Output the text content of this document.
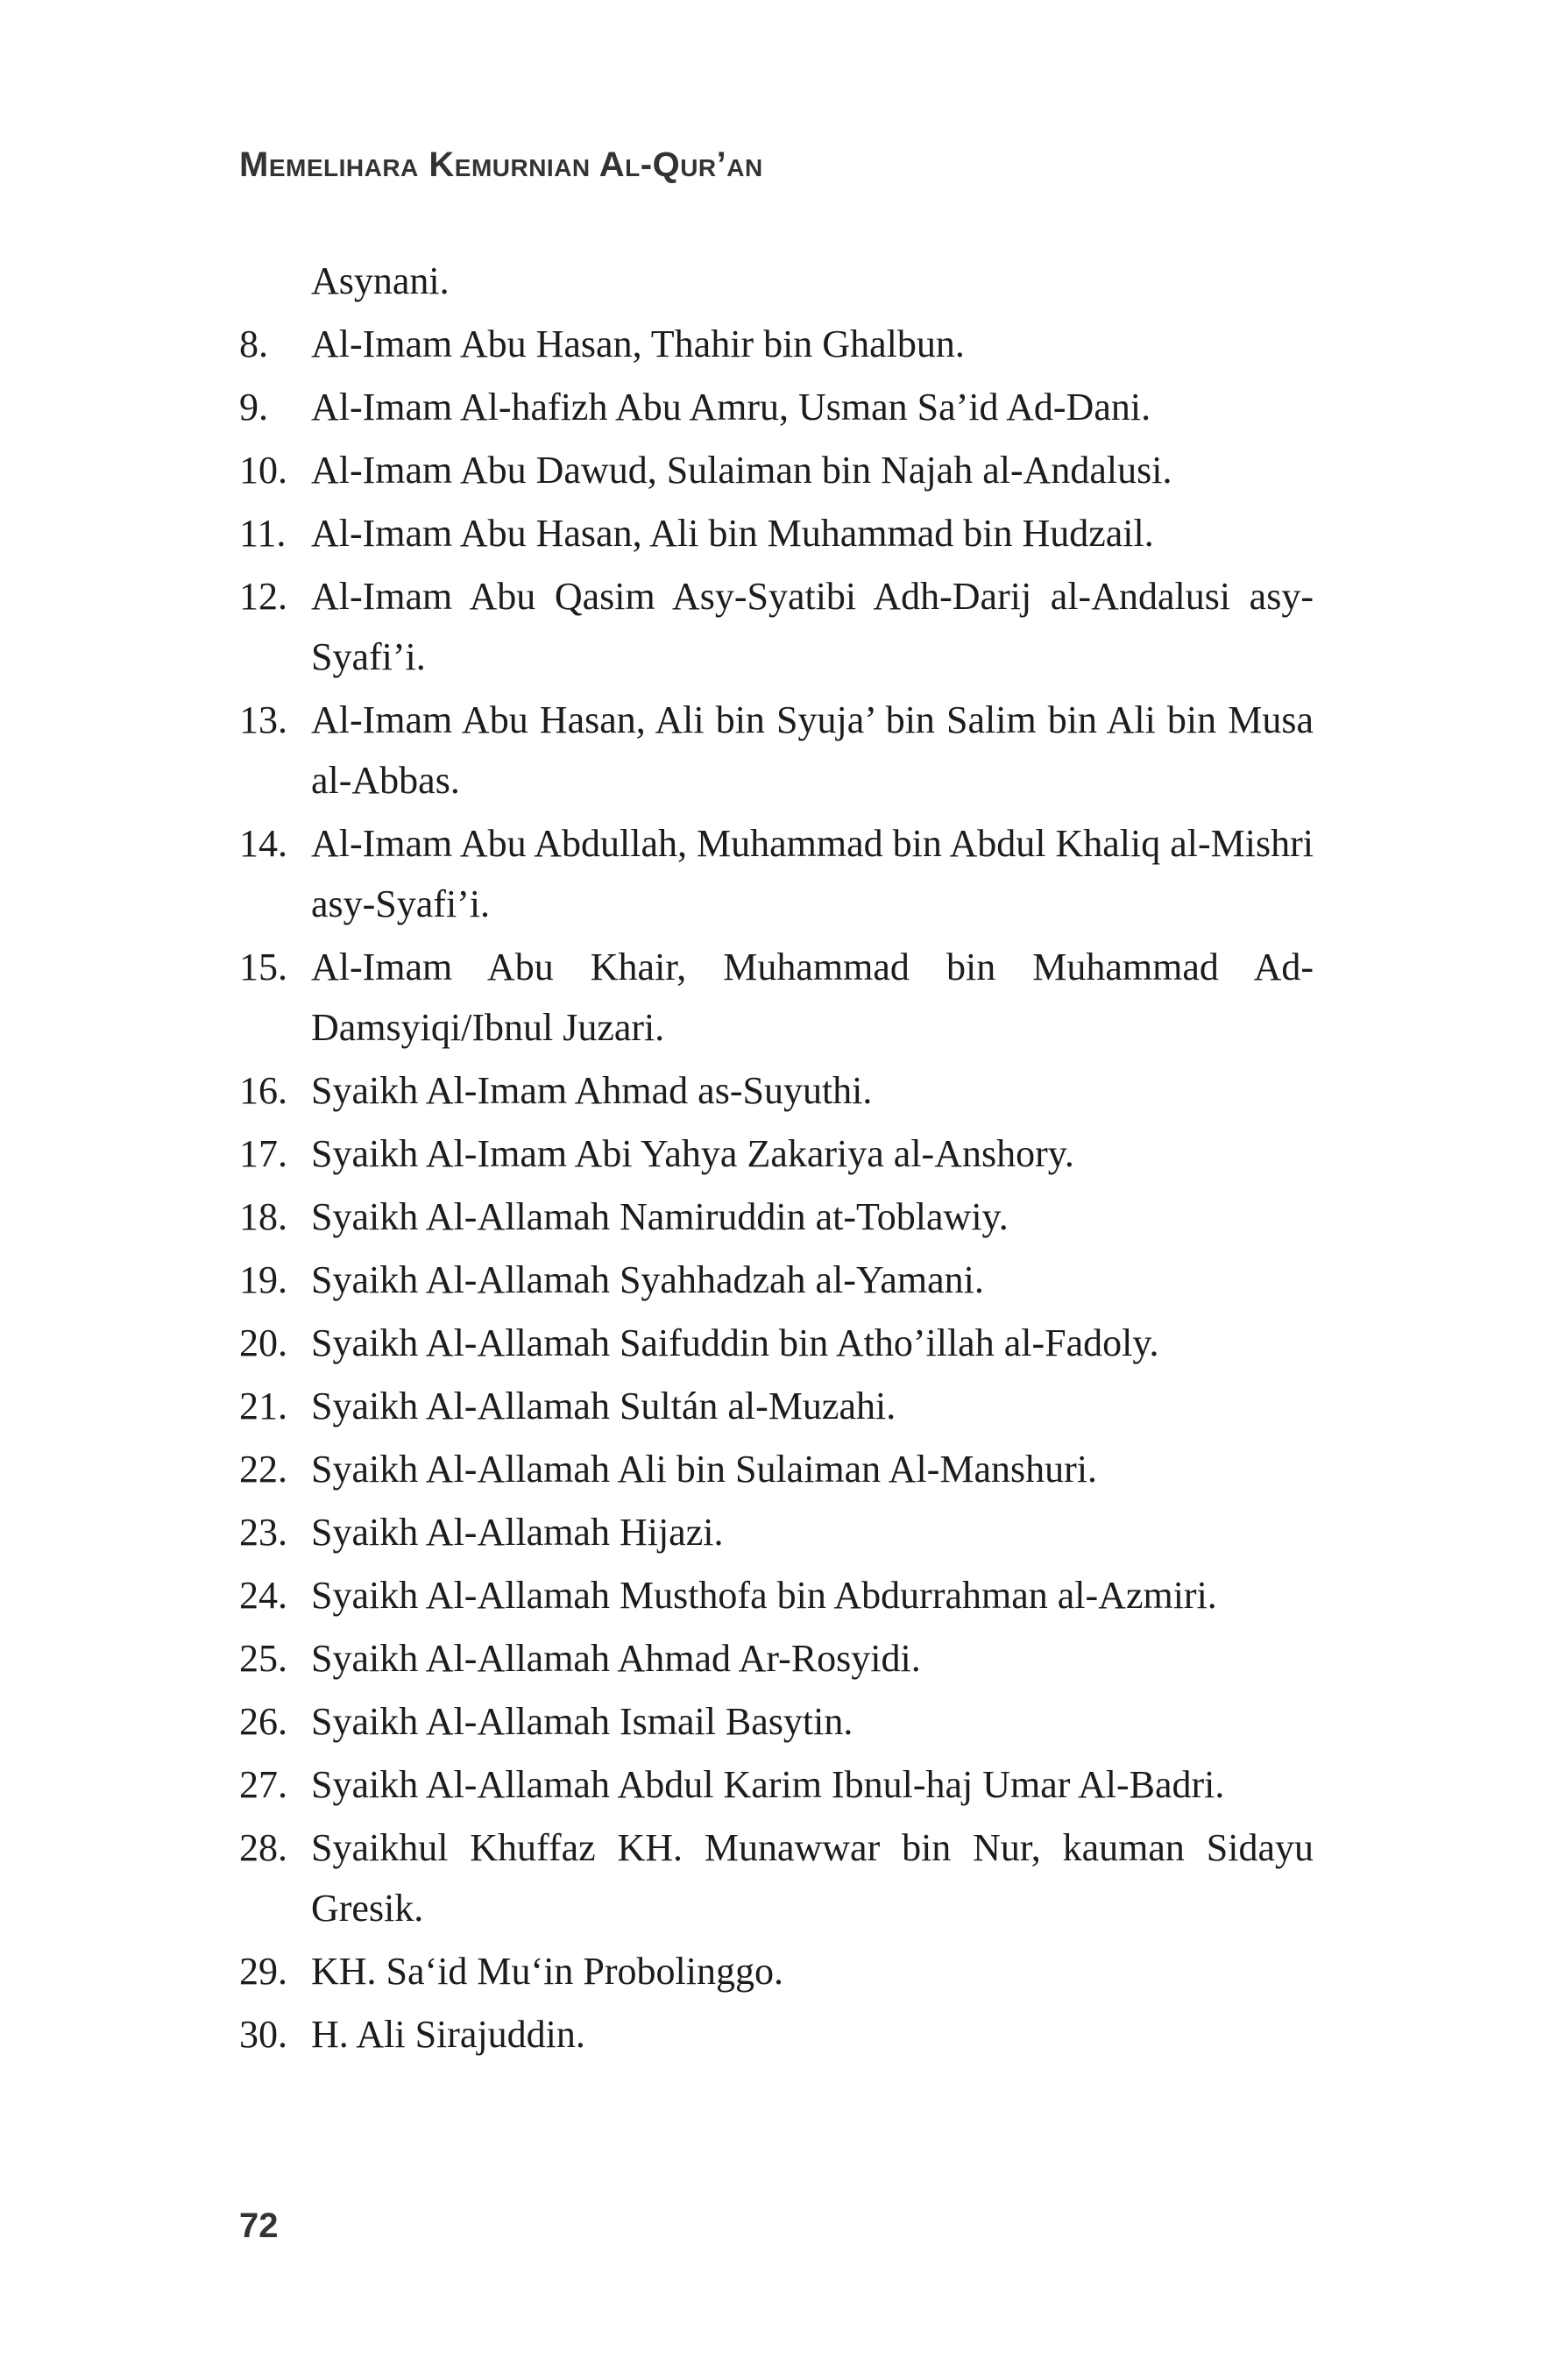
Memelihara Kemurnian Al-Qur’an
Asynani.
8.	Al-Imam Abu Hasan, Thahir bin Ghalbun.
9.	Al-Imam Al-hafizh Abu Amru, Usman Sa’id Ad-Dani.
10. Al-Imam Abu Dawud, Sulaiman bin Najah al-Andalusi.
11. Al-Imam Abu Hasan, Ali bin Muhammad bin Hudzail.
12. Al-Imam Abu Qasim Asy-Syatibi Adh-Darij al-Andalusi asy-Syafi’i.
13. Al-Imam Abu Hasan, Ali bin Syuja’ bin Salim bin Ali bin Musa al-Abbas.
14. Al-Imam Abu Abdullah, Muhammad bin Abdul Khaliq al-Mishri asy-Syafi’i.
15. Al-Imam Abu Khair, Muhammad bin Muhammad Ad-Damsyiqi/Ibnul Juzari.
16. Syaikh Al-Imam Ahmad as-Suyuthi.
17. Syaikh Al-Imam Abi Yahya Zakariya al-Anshory.
18. Syaikh Al-Allamah Namiruddin at-Toblawiy.
19. Syaikh Al-Allamah Syahhadzah al-Yamani.
20. Syaikh Al-Allamah Saifuddin bin Atho’illah al-Fadoly.
21. Syaikh Al-Allamah Sultán al-Muzahi.
22. Syaikh Al-Allamah Ali bin Sulaiman Al-Manshuri.
23. Syaikh Al-Allamah Hijazi.
24. Syaikh Al-Allamah Musthofa bin Abdurrahman al-Azmiri.
25. Syaikh Al-Allamah Ahmad Ar-Rosyidi.
26. Syaikh Al-Allamah Ismail Basytin.
27. Syaikh Al-Allamah Abdul Karim Ibnul-haj Umar Al-Badri.
28. Syaikhul Khuffaz KH. Munawwar bin Nur, kauman Sidayu Gresik.
29. KH. Sa‘id Mu‘in Probolinggo.
30. H. Ali Sirajuddin.
72
